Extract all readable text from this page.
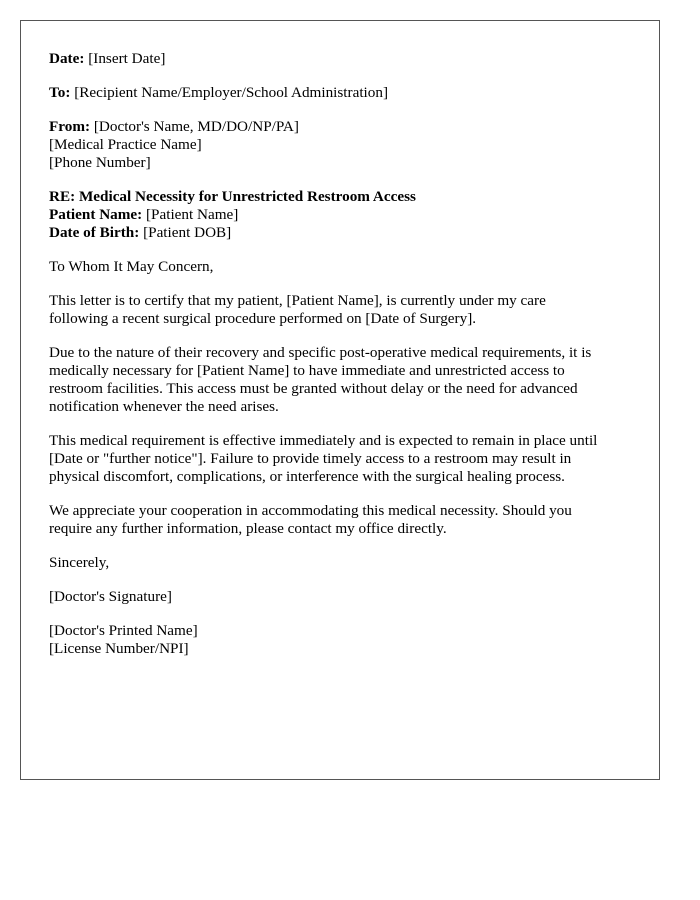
Date: [Insert Date]
To: [Recipient Name/Employer/School Administration]
From: [Doctor's Name, MD/DO/NP/PA]
[Medical Practice Name]
[Phone Number]
RE: Medical Necessity for Unrestricted Restroom Access
Patient Name: [Patient Name]
Date of Birth: [Patient DOB]
To Whom It May Concern,
This letter is to certify that my patient, [Patient Name], is currently under my care
following a recent surgical procedure performed on [Date of Surgery].
Due to the nature of their recovery and specific post-operative medical requirements, it is
medically necessary for [Patient Name] to have immediate and unrestricted access to
restroom facilities. This access must be granted without delay or the need for advanced
notification whenever the need arises.
This medical requirement is effective immediately and is expected to remain in place until
[Date or "further notice"]. Failure to provide timely access to a restroom may result in
physical discomfort, complications, or interference with the surgical healing process.
We appreciate your cooperation in accommodating this medical necessity. Should you
require any further information, please contact my office directly.
Sincerely,
[Doctor's Signature]
[Doctor's Printed Name]
[License Number/NPI]
